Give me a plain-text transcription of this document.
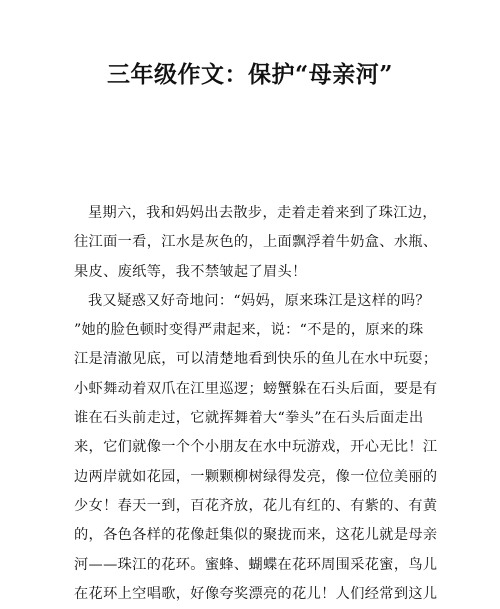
三年级作文：保护“母亲河”

星期六，我和妈妈出去散步，走着走着来到了珠江边，

往江面一看，江水是灰色的，上面飘浮着牛奶盒、水瓶、

果皮、废纸等，我不禁皱起了眉头！

我又疑惑又好奇地问：“妈妈，原来珠江是这样的吗？

”她的脸色顿时变得严肃起来，说：“不是的，原来的珠

江是清澈见底，可以清楚地看到快乐的鱼儿在水中玩耍；

小虾舞动着双爪在江里巡逻；螃蟹躲在石头后面，要是有

谁在石头前走过，它就挥舞着大“拳头”在石头后面走出

来，它们就像一个个小朋友在水中玩游戏，开心无比！江

边两岸就如花园，一颗颗柳树绿得发亮，像一位位美丽的

少女！春天一到，百花齐放，花儿有红的、有紫的、有黄

的，各色各样的花像赶集似的聚拢而来，这花儿就是母亲

河——珠江的花环。蜜蜂、蝴蝶在花环周围采花蜜，鸟儿

在花环上空唱歌，好像夸奖漂亮的花儿！人们经常到这儿
